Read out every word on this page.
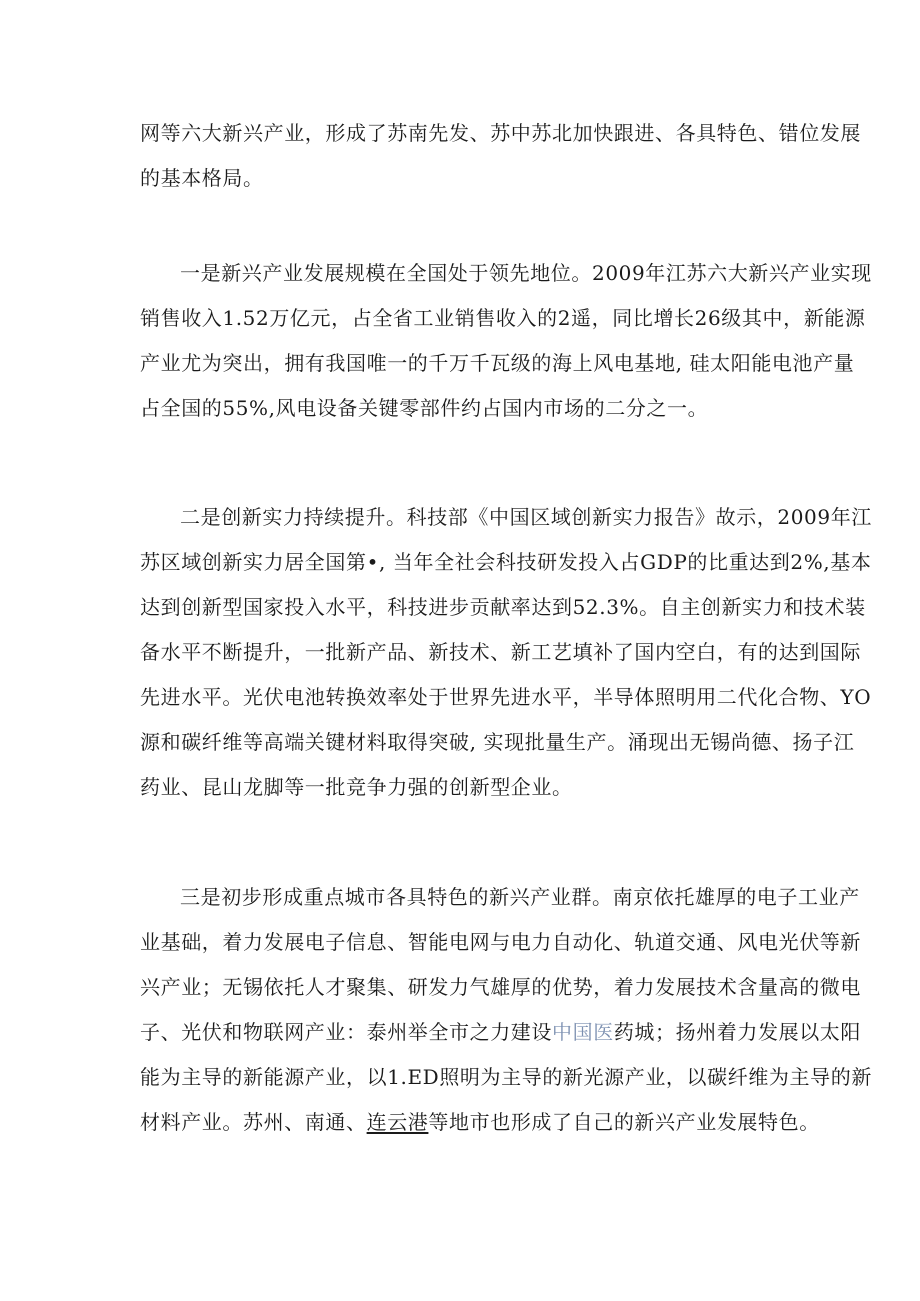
网等六大新兴产业，形成了苏南先发、苏中苏北加快跟进、各具特色、错位发展
的基本格局。
一是新兴产业发展规模在全国处于领先地位。2009年江苏六大新兴产业实现
销售收入1.52万亿元，占全省工业销售收入的2遥，同比增长26级其中，新能源
产业尤为突出，拥有我国唯一的千万千瓦级的海上风电基地, 硅太阳能电池产量
占全国的55%,风电设备关键零部件约占国内市场的二分之一。
二是创新实力持续提升。科技部《中国区域创新实力报告》故示，2009年江
苏区域创新实力居全国第•, 当年全社会科技研发投入占GDP的比重达到2%,基本
达到创新型国家投入水平，科技进步贡献率达到52.3%。自主创新实力和技术装
备水平不断提升，一批新产品、新技术、新工艺填补了国内空白，有的达到国际
先进水平。光伏电池转换效率处于世界先进水平，半导体照明用二代化合物、YO
源和碳纤维等高端关键材料取得突破, 实现批量生产。涌现出无锡尚德、扬子江
药业、昆山龙脚等一批竞争力强的创新型企业。
三是初步形成重点城市各具特色的新兴产业群。南京依托雄厚的电子工业产
业基础，着力发展电子信息、智能电网与电力自动化、轨道交通、风电光伏等新
兴产业；无锡依托人才聚集、研发力气雄厚的优势，着力发展技术含量高的微电
子、光伏和物联网产业：泰州举全市之力建设中国医药城；扬州着力发展以太阳
能为主导的新能源产业，以1.ED照明为主导的新光源产业，以碳纤维为主导的新
材料产业。苏州、南通、连云港等地市也形成了自己的新兴产业发展特色。
